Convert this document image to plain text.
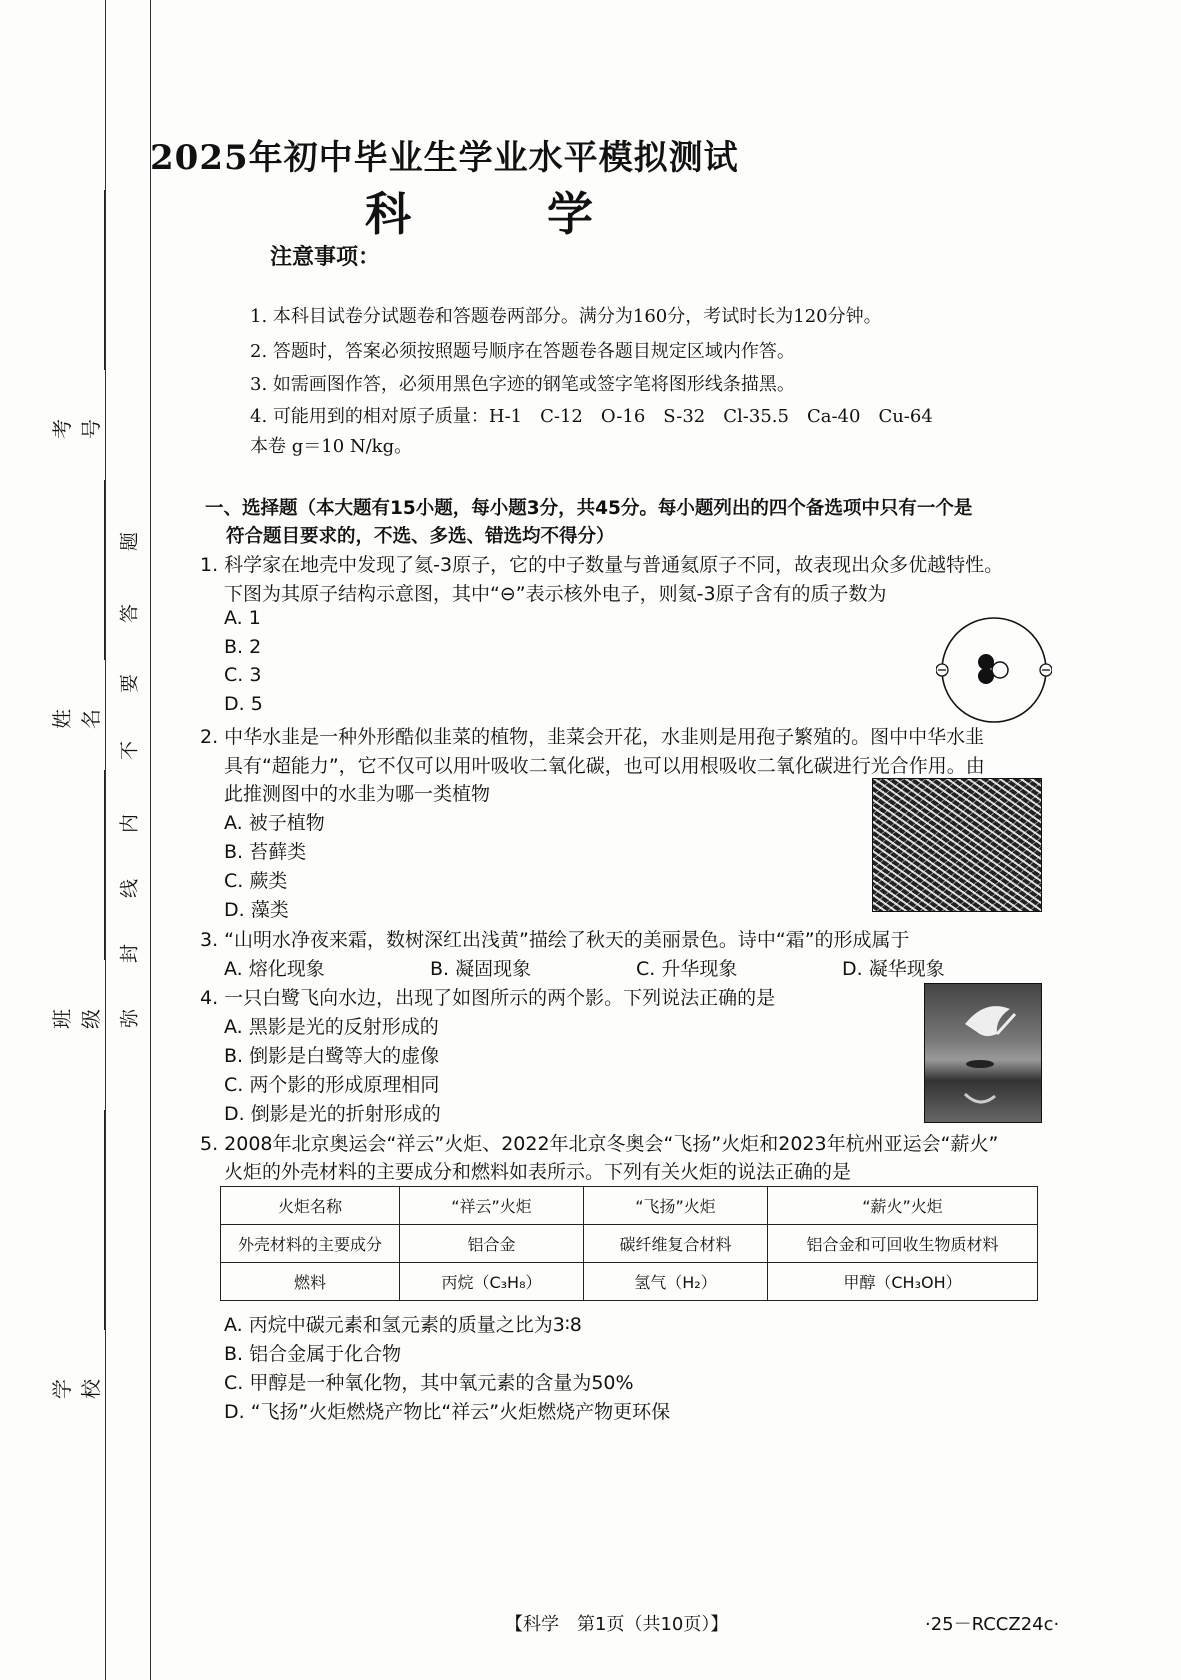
考号
姓名
班级
学校
弥
封
线
内
不
要
答
题
2025年初中毕业生学业水平模拟测试
科 学
注意事项：
1. 本科目试卷分试题卷和答题卷两部分。满分为160分，考试时长为120分钟。
2. 答题时，答案必须按照题号顺序在答题卷各题目规定区域内作答。
3. 如需画图作答，必须用黑色字迹的钢笔或签字笔将图形线条描黑。
4. 可能用到的相对原子质量：H-1　C-12　O-16　S-32　Cl-35.5　Ca-40　Cu-64
本卷 g＝10 N/kg。
一、选择题（本大题有15小题，每小题3分，共45分。每小题列出的四个备选项中只有一个是
符合题目要求的，不选、多选、错选均不得分）
1. 科学家在地壳中发现了氦-3原子，它的中子数量与普通氦原子不同，故表现出众多优越特性。
下图为其原子结构示意图，其中“⊖”表示核外电子，则氦-3原子含有的质子数为
A. 1
B. 2
C. 3
D. 5
2. 中华水韭是一种外形酷似韭菜的植物，韭菜会开花，水韭则是用孢子繁殖的。图中中华水韭
具有“超能力”，它不仅可以用叶吸收二氧化碳，也可以用根吸收二氧化碳进行光合作用。由
此推测图中的水韭为哪一类植物
A. 被子植物
B. 苔藓类
C. 蕨类
D. 藻类
3. “山明水净夜来霜，数树深红出浅黄”描绘了秋天的美丽景色。诗中“霜”的形成属于
A. 熔化现象	B. 凝固现象	C. 升华现象	D. 凝华现象
4. 一只白鹭飞向水边，出现了如图所示的两个影。下列说法正确的是
A. 黑影是光的反射形成的
B. 倒影是白鹭等大的虚像
C. 两个影的形成原理相同
D. 倒影是光的折射形成的
5. 2008年北京奥运会“祥云”火炬、2022年北京冬奥会“飞扬”火炬和2023年杭州亚运会“薪火”
火炬的外壳材料的主要成分和燃料如表所示。下列有关火炬的说法正确的是
火炬名称	“祥云”火炬	“飞扬”火炬	“薪火”火炬
外壳材料的主要成分	铝合金	碳纤维复合材料	铝合金和可回收生物质材料
燃料	丙烷（C₃H₈）	氢气（H₂）	甲醇（CH₃OH）
A. 丙烷中碳元素和氢元素的质量之比为3∶8
B. 铝合金属于化合物
C. 甲醇是一种氧化物，其中氧元素的含量为50%
D. “飞扬”火炬燃烧产物比“祥云”火炬燃烧产物更环保
【科学　第1页（共10页）】	·25－RCCZ24c·
